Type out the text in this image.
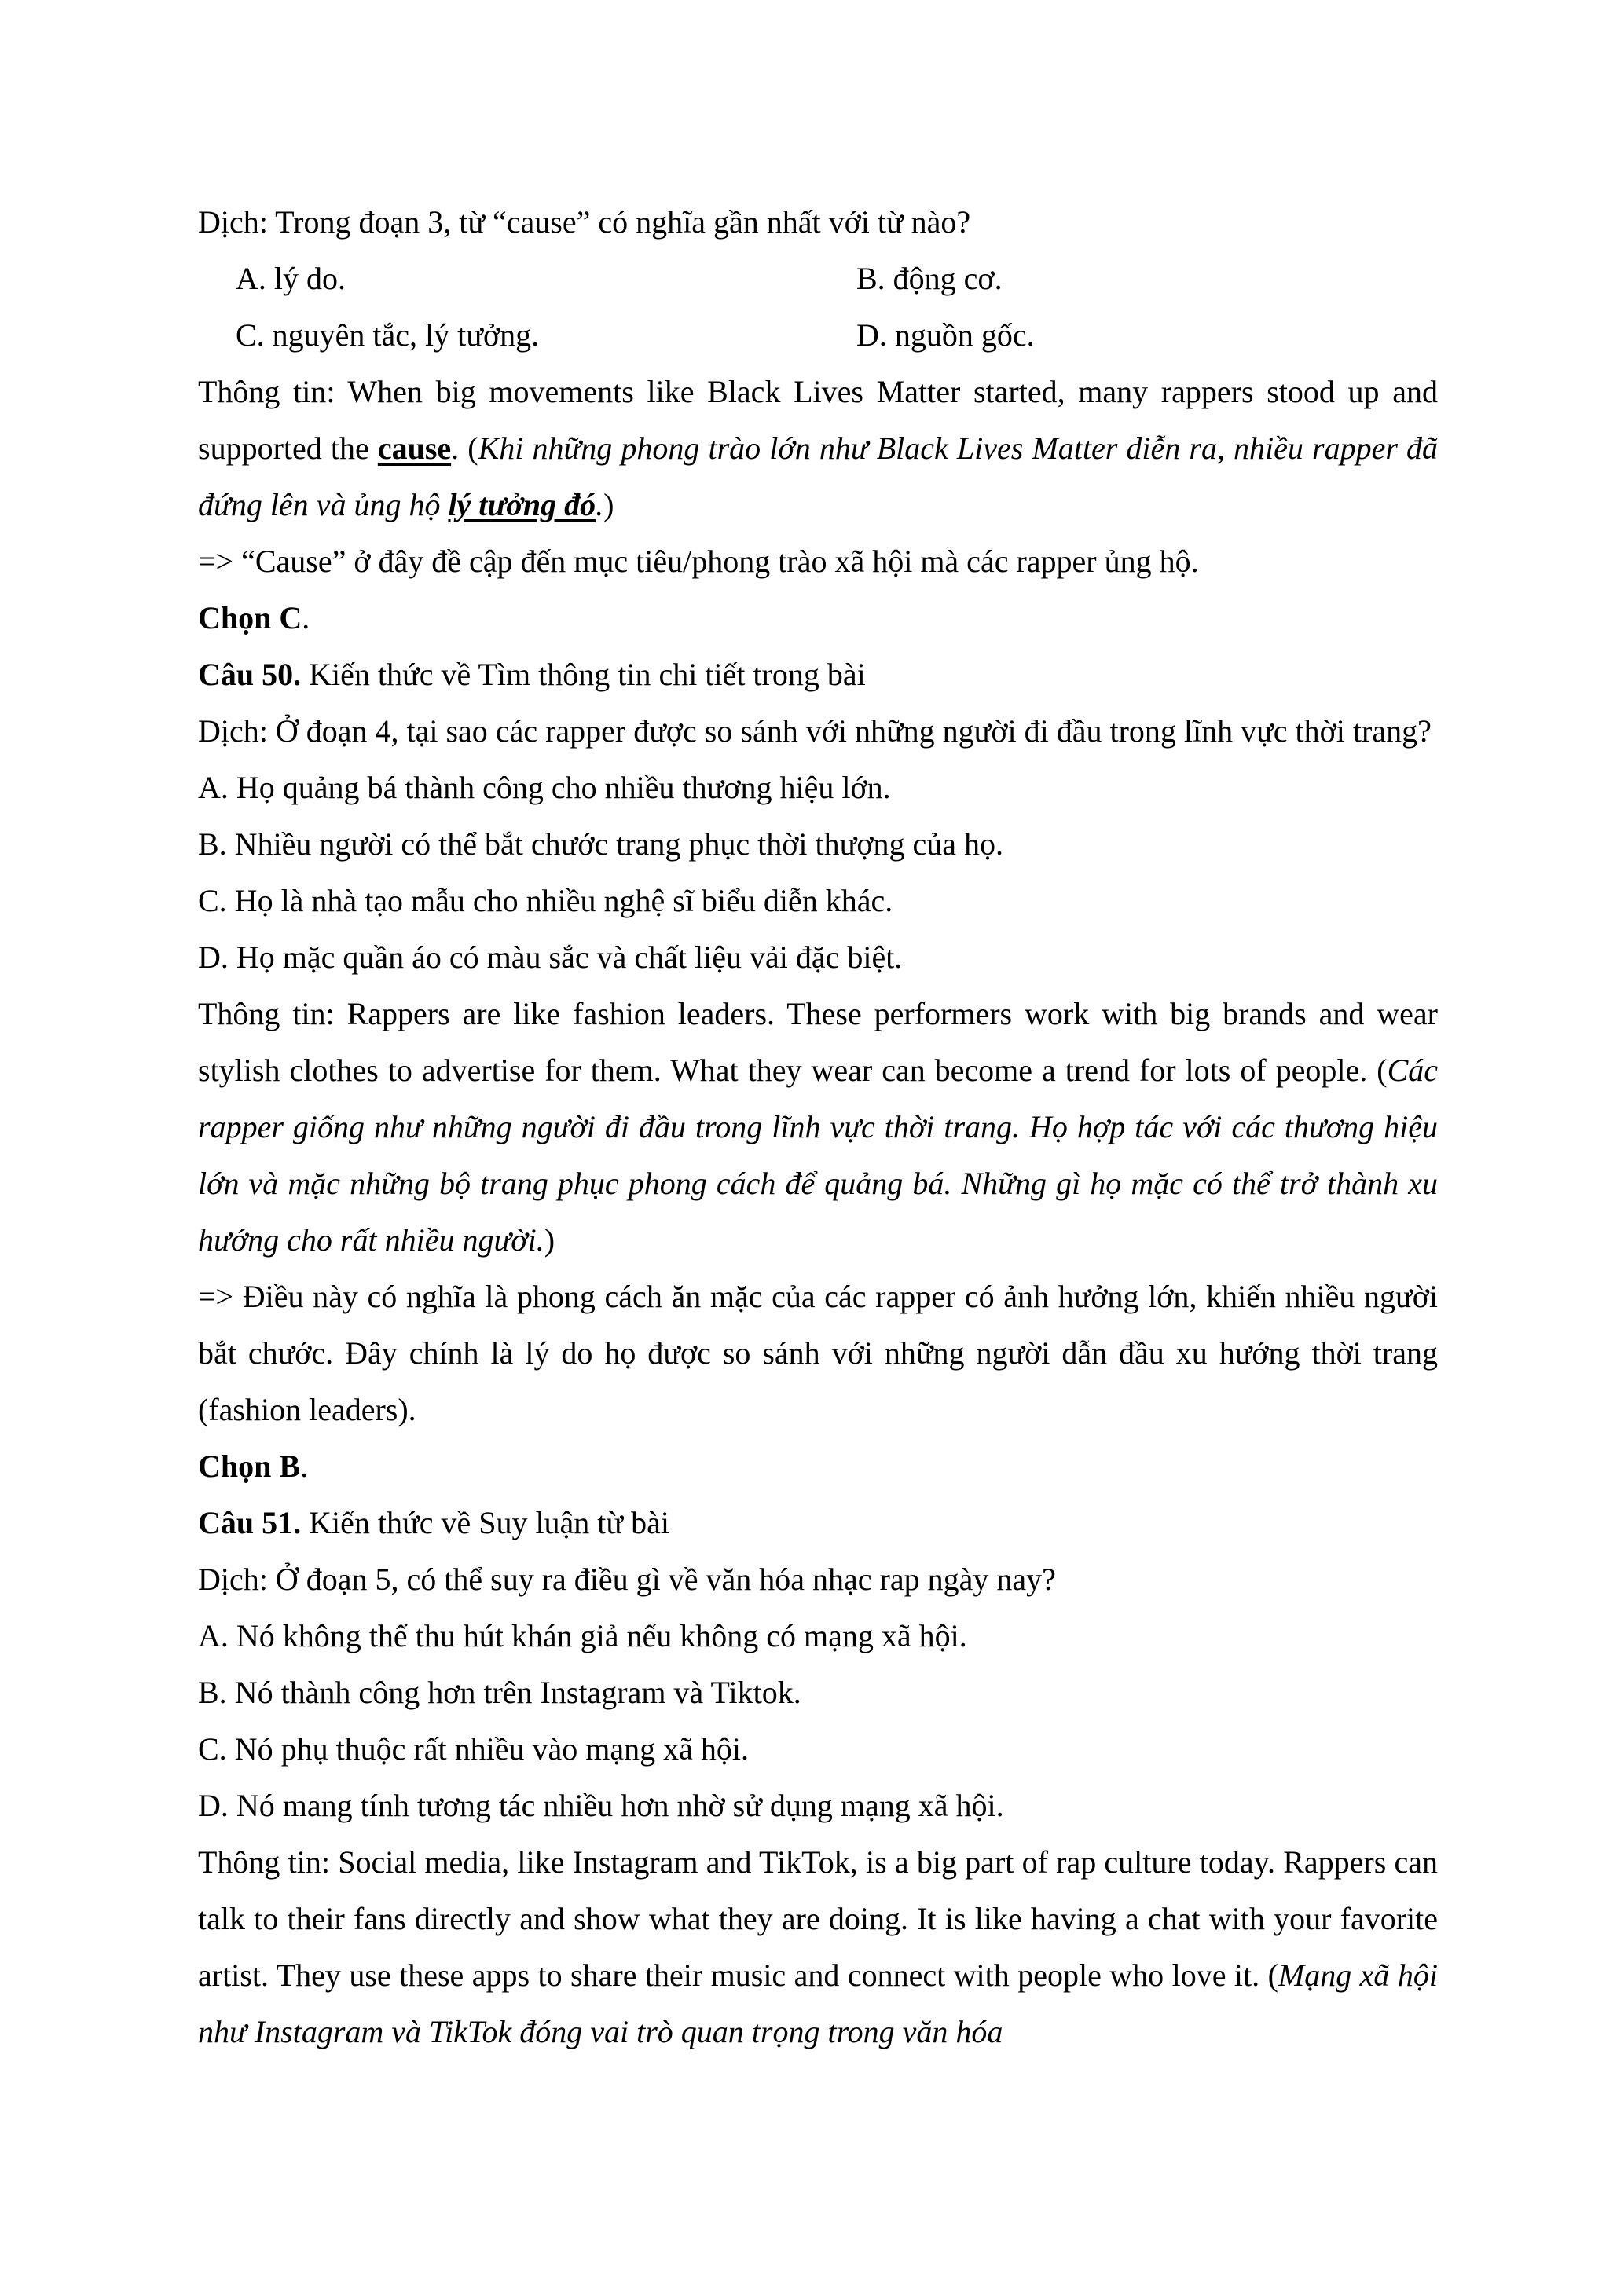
Dịch: Trong đoạn 3, từ “cause” có nghĩa gần nhất với từ nào?
A. lý do.	B. động cơ.
C. nguyên tắc, lý tưởng.	D. nguồn gốc.
Thông tin: When big movements like Black Lives Matter started, many rappers stood up and supported the cause. (Khi những phong trào lớn như Black Lives Matter diễn ra, nhiều rapper đã đứng lên và ủng hộ lý tưởng đó.)
=> “Cause” ở đây đề cập đến mục tiêu/phong trào xã hội mà các rapper ủng hộ.
Chọn C.
Câu 50. Kiến thức về Tìm thông tin chi tiết trong bài
Dịch: Ở đoạn 4, tại sao các rapper được so sánh với những người đi đầu trong lĩnh vực thời trang?
A. Họ quảng bá thành công cho nhiều thương hiệu lớn.
B. Nhiều người có thể bắt chước trang phục thời thượng của họ.
C. Họ là nhà tạo mẫu cho nhiều nghệ sĩ biểu diễn khác.
D. Họ mặc quần áo có màu sắc và chất liệu vải đặc biệt.
Thông tin: Rappers are like fashion leaders. These performers work with big brands and wear stylish clothes to advertise for them. What they wear can become a trend for lots of people. (Các rapper giống như những người đi đầu trong lĩnh vực thời trang. Họ hợp tác với các thương hiệu lớn và mặc những bộ trang phục phong cách để quảng bá. Những gì họ mặc có thể trở thành xu hướng cho rất nhiều người.)
=> Điều này có nghĩa là phong cách ăn mặc của các rapper có ảnh hưởng lớn, khiến nhiều người bắt chước. Đây chính là lý do họ được so sánh với những người dẫn đầu xu hướng thời trang (fashion leaders).
Chọn B.
Câu 51. Kiến thức về Suy luận từ bài
Dịch: Ở đoạn 5, có thể suy ra điều gì về văn hóa nhạc rap ngày nay?
A. Nó không thể thu hút khán giả nếu không có mạng xã hội.
B. Nó thành công hơn trên Instagram và Tiktok.
C. Nó phụ thuộc rất nhiều vào mạng xã hội.
D. Nó mang tính tương tác nhiều hơn nhờ sử dụng mạng xã hội.
Thông tin: Social media, like Instagram and TikTok, is a big part of rap culture today. Rappers can talk to their fans directly and show what they are doing. It is like having a chat with your favorite artist. They use these apps to share their music and connect with people who love it. (Mạng xã hội như Instagram và TikTok đóng vai trò quan trọng trong văn hóa
